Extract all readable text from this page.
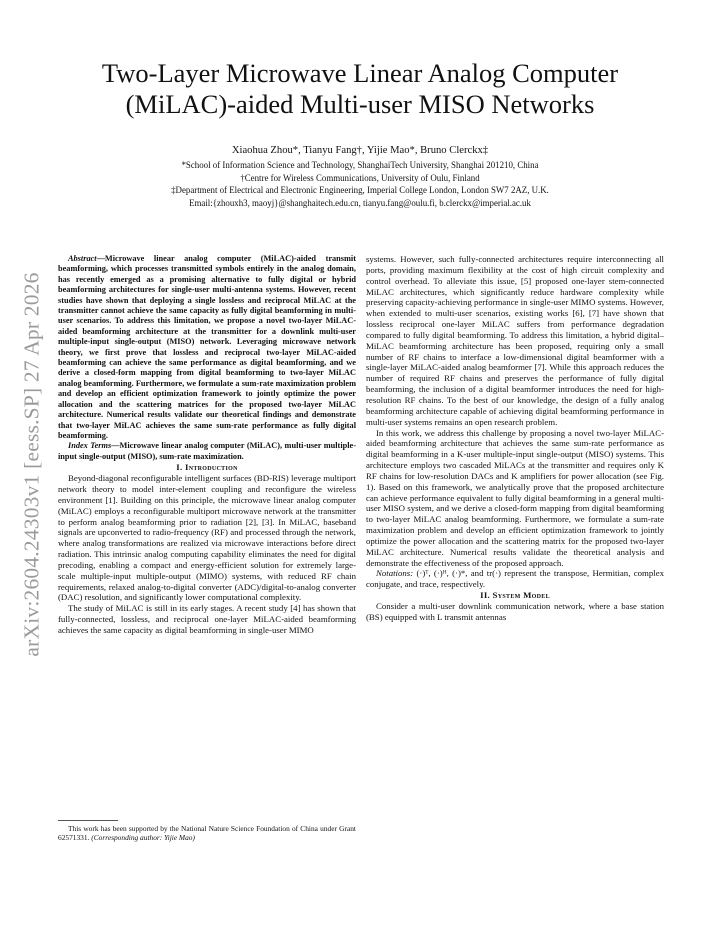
arXiv:2604.24303v1 [eess.SP] 27 Apr 2026
Two-Layer Microwave Linear Analog Computer (MiLAC)-aided Multi-user MISO Networks
Xiaohua Zhou*, Tianyu Fang†, Yijie Mao*, Bruno Clerckx‡
*School of Information Science and Technology, ShanghaiTech University, Shanghai 201210, China
†Centre for Wireless Communications, University of Oulu, Finland
‡Department of Electrical and Electronic Engineering, Imperial College London, London SW7 2AZ, U.K.
Email:{zhouxh3, maoyj}@shanghaitech.edu.cn, tianyu.fang@oulu.fi, b.clerckx@imperial.ac.uk

Abstract—Microwave linear analog computer (MiLAC)-aided transmit beamforming, which processes transmitted symbols entirely in the analog domain, has recently emerged as a promising alternative to fully digital or hybrid beamforming architectures for single-user multi-antenna systems. However, recent studies have shown that deploying a single lossless and reciprocal MiLAC at the transmitter cannot achieve the same capacity as fully digital beamforming in multi-user scenarios. To address this limitation, we propose a novel two-layer MiLAC-aided beamforming architecture at the transmitter for a downlink multi-user multiple-input single-output (MISO) network. Leveraging microwave network theory, we first prove that lossless and reciprocal two-layer MiLAC-aided beamforming can achieve the same performance as digital beamforming, and we derive a closed-form mapping from digital beamforming to two-layer MiLAC analog beamforming. Furthermore, we formulate a sum-rate maximization problem and develop an efficient optimization framework to jointly optimize the power allocation and the scattering matrices for the proposed two-layer MiLAC architecture. Numerical results validate our theoretical findings and demonstrate that two-layer MiLAC achieves the same sum-rate performance as fully digital beamforming.

Index Terms—Microwave linear analog computer (MiLAC), multi-user multiple-input single-output (MISO), sum-rate maximization.

I. Introduction

Beyond-diagonal reconfigurable intelligent surfaces (BD-RIS) leverage multiport network theory to model inter-element coupling and reconfigure the wireless environment [1]. Building on this principle, the microwave linear analog computer (MiLAC) employs a reconfigurable multiport microwave network at the transmitter to perform analog beamforming prior to radiation [2], [3]. In MiLAC, baseband signals are upconverted to radio-frequency (RF) and processed through the network, where analog transformations are realized via microwave interactions before direct radiation. This intrinsic analog computing capability eliminates the need for digital precoding, enabling a compact and energy-efficient solution for extremely large-scale multiple-input multiple-output (MIMO) systems, with reduced RF chain requirements, relaxed analog-to-digital converter (ADC)/digital-to-analog converter (DAC) resolution, and significantly lower computational complexity.

The study of MiLAC is still in its early stages. A recent study [4] has shown that fully-connected, lossless, and reciprocal one-layer MiLAC-aided beamforming achieves the same capacity as digital beamforming in single-user MIMO

systems. However, such fully-connected architectures require interconnecting all ports, providing maximum flexibility at the cost of high circuit complexity and control overhead. To alleviate this issue, [5] proposed one-layer stem-connected MiLAC architectures, which significantly reduce hardware complexity while preserving capacity-achieving performance in single-user MIMO systems. However, when extended to multi-user scenarios, existing works [6], [7] have shown that lossless reciprocal one-layer MiLAC suffers from performance degradation compared to fully digital beamforming. To address this limitation, a hybrid digital–MiLAC beamforming architecture has been proposed, requiring only a small number of RF chains to interface a low-dimensional digital beamformer with a single-layer MiLAC-aided analog beamformer [7]. While this approach reduces the number of required RF chains and preserves the performance of fully digital beamforming, the inclusion of a digital beamformer introduces the need for high-resolution RF chains. To the best of our knowledge, the design of a fully analog beamforming architecture capable of achieving digital beamforming performance in multi-user systems remains an open research problem.

In this work, we address this challenge by proposing a novel two-layer MiLAC-aided beamforming architecture that achieves the same sum-rate performance as digital beamforming in a K-user multiple-input single-output (MISO) systems. This architecture employs two cascaded MiLACs at the transmitter and requires only K RF chains for low-resolution DACs and K amplifiers for power allocation (see Fig. 1). Based on this framework, we analytically prove that the proposed architecture can achieve performance equivalent to fully digital beamforming in a general multi-user MISO system, and we derive a closed-form mapping from digital beamforming to two-layer MiLAC analog beamforming. Furthermore, we formulate a sum-rate maximization problem and develop an efficient optimization framework to jointly optimize the power allocation and the scattering matrix for the proposed two-layer MiLAC architecture. Numerical results validate the theoretical analysis and demonstrate the effectiveness of the proposed approach.

Notations: (·)ᵀ, (·)ᴴ, (·)*, and tr(·) represent the transpose, Hermitian, complex conjugate, and trace, respectively.

II. System Model

Consider a multi-user downlink communication network, where a base station (BS) equipped with L transmit antennas

This work has been supported by the National Nature Science Foundation of China under Grant 62571331. (Corresponding author: Yijie Mao)
